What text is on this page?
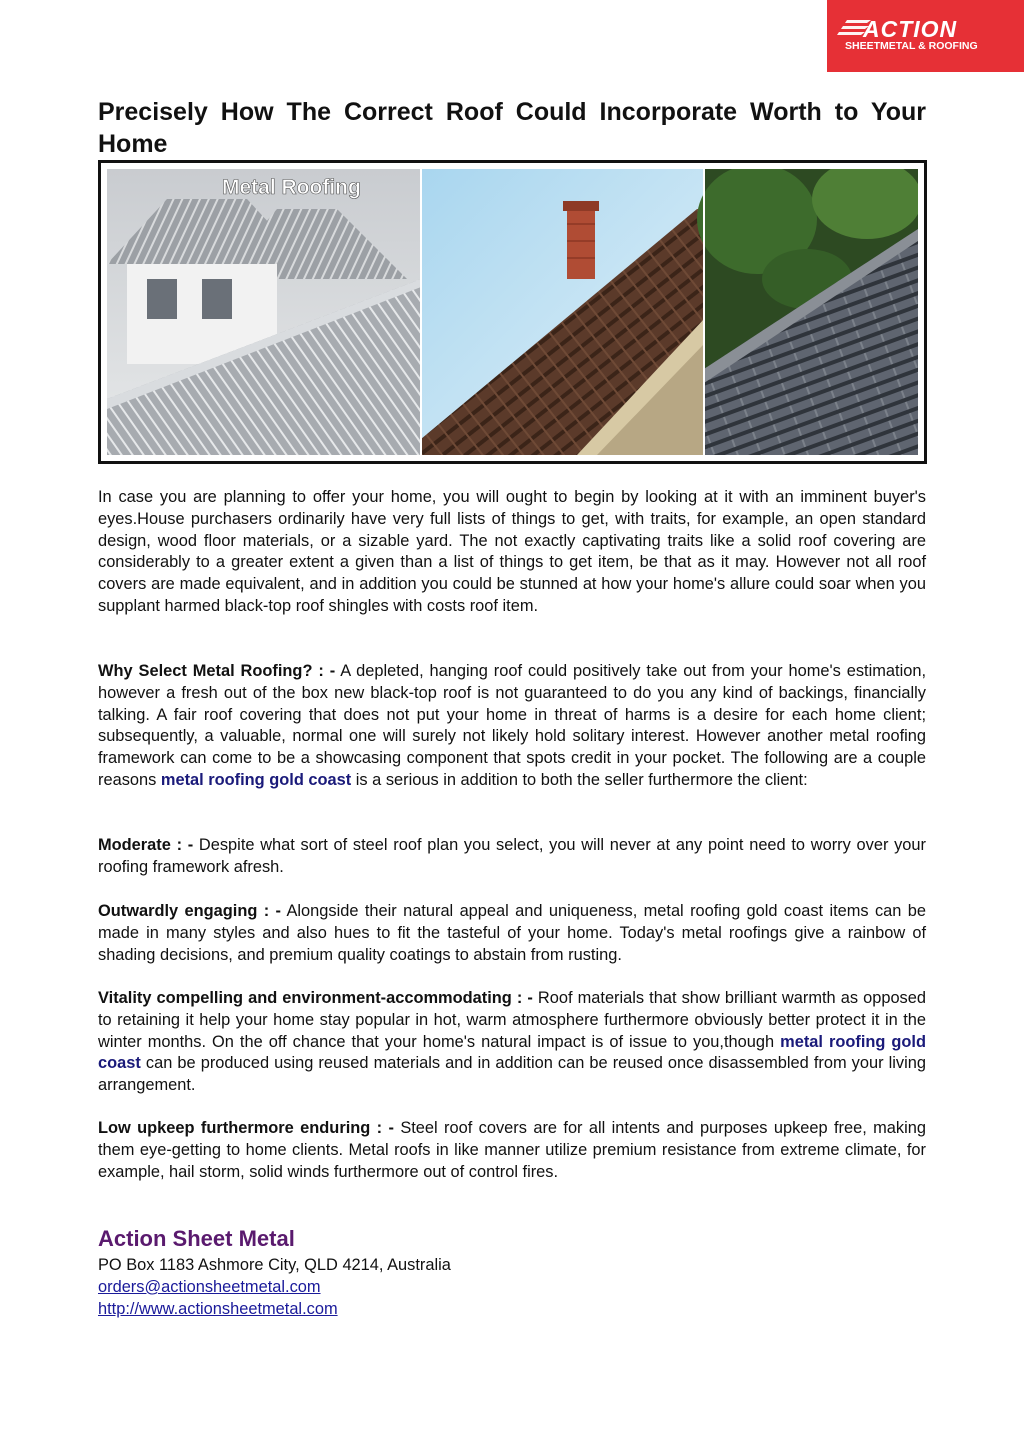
ACTION
SHEETMETAL & ROOFING
Precisely How The Correct Roof Could Incorporate Worth to Your Home
Metal Roofing

In case you are planning to offer your home, you will ought to begin by looking at it with an imminent buyer's eyes.House purchasers ordinarily have very full lists of things to get, with traits, for example, an open standard design, wood floor materials, or a sizable yard. The not exactly captivating traits like a solid roof covering are considerably to a greater extent a given than a list of things to get item, be that as it may. However not all roof covers are made equivalent, and in addition you could be stunned at how your home's allure could soar when you supplant harmed black-top roof shingles with costs roof item.

Why Select Metal Roofing? : - A depleted, hanging roof could positively take out from your home's estimation, however a fresh out of the box new black-top roof is not guaranteed to do you any kind of backings, financially talking. A fair roof covering that does not put your home in threat of harms is a desire for each home client; subsequently, a valuable, normal one will surely not likely hold solitary interest. However another metal roofing framework can come to be a showcasing component that spots credit in your pocket. The following are a couple reasons metal roofing gold coast is a serious in addition to both the seller furthermore the client:

Moderate : - Despite what sort of steel roof plan you select, you will never at any point need to worry over your roofing framework afresh.

Outwardly engaging : - Alongside their natural appeal and uniqueness, metal roofing gold coast items can be made in many styles and also hues to fit the tasteful of your home. Today's metal roofings give a rainbow of shading decisions, and premium quality coatings to abstain from rusting.

Vitality compelling and environment-accommodating : - Roof materials that show brilliant warmth as opposed to retaining it help your home stay popular in hot, warm atmosphere furthermore obviously better protect it in the winter months. On the off chance that your home's natural impact is of issue to you,though metal roofing gold coast can be produced using reused materials and in addition can be reused once disassembled from your living arrangement.

Low upkeep furthermore enduring : - Steel roof covers are for all intents and purposes upkeep free, making them eye-getting to home clients. Metal roofs in like manner utilize premium resistance from extreme climate, for example, hail storm, solid winds furthermore out of control fires.

Action Sheet Metal
PO Box 1183 Ashmore City, QLD 4214, Australia
orders@actionsheetmetal.com
http://www.actionsheetmetal.com
